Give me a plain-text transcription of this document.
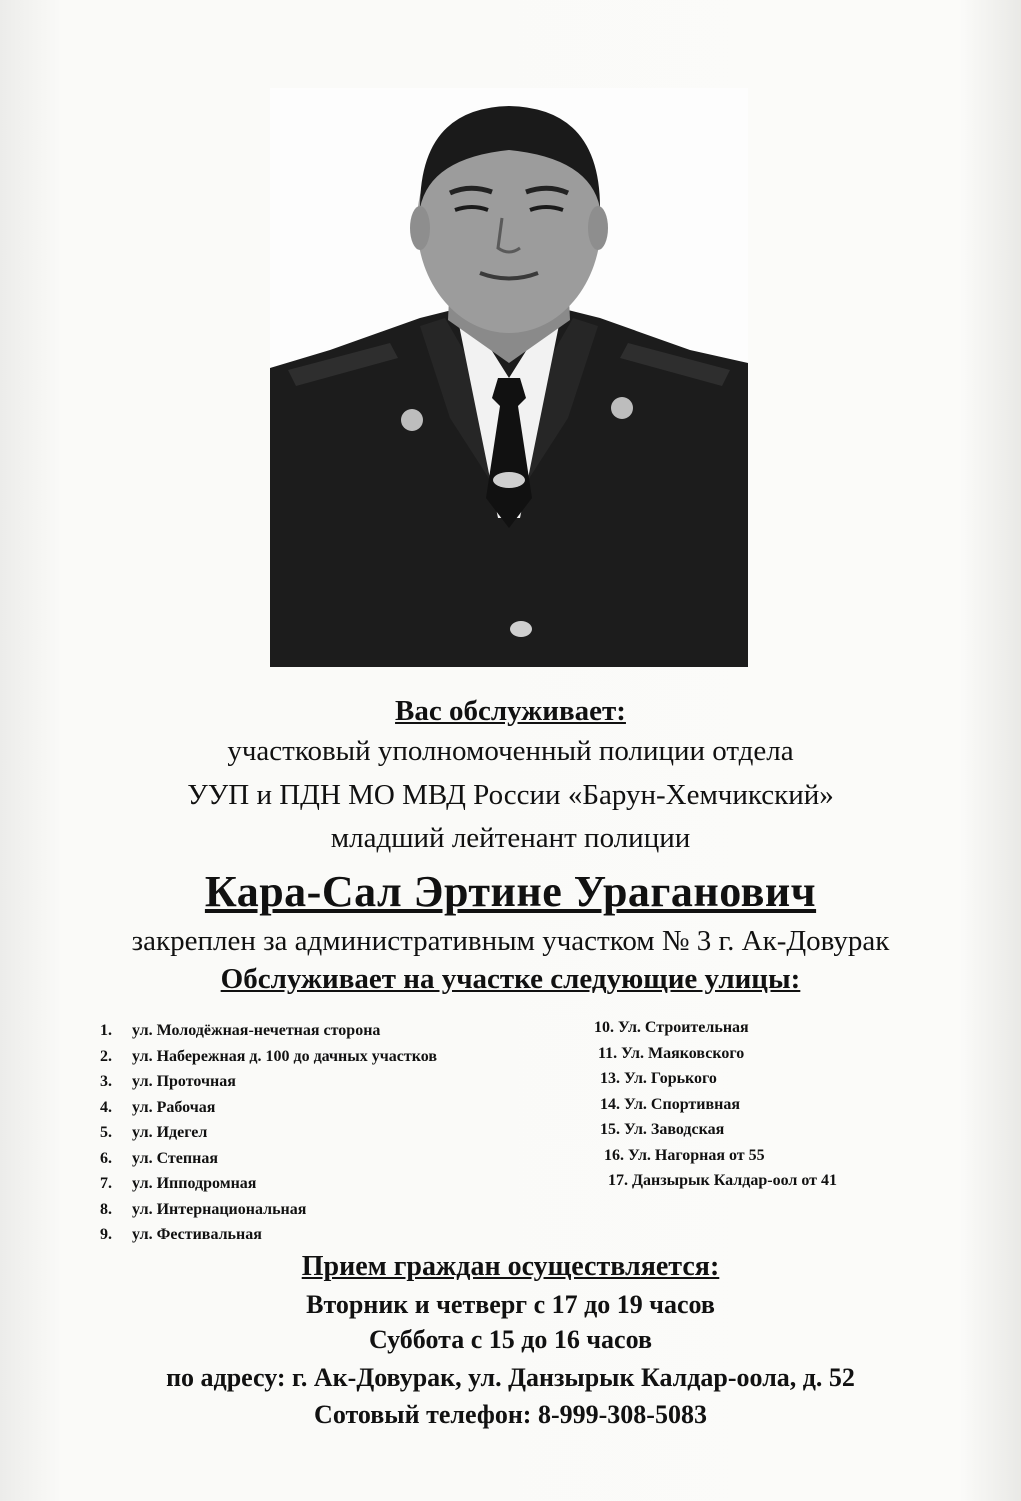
Вас обслуживает:
участковый уполномоченный полиции отдела
УУП и ПДН МО МВД России «Барун-Хемчикский»
младший лейтенант полиции
Кара-Сал Эртине Ураганович
закреплен за административным участком № 3 г. Ак-Довурак
Обслуживает на участке следующие улицы:
1. ул. Молодёжная-нечетная сторона
2. ул. Набережная д. 100 до дачных участков
3. ул. Проточная
4. ул. Рабочая
5. ул. Идегел
6. ул. Степная
7. ул. Ипподромная
8. ул. Интернациональная
9. ул. Фестивальная
10. Ул. Строительная
11. Ул. Маяковского
13. Ул. Горького
14. Ул. Спортивная
15. Ул. Заводская
16. Ул. Нагорная от 55
17. Данзырык Калдар-оол от 41
Прием граждан осуществляется:
Вторник и четверг с 17 до 19 часов
Суббота с 15 до 16 часов
по адресу: г. Ак-Довурак, ул. Данзырык Калдар-оола, д. 52
Сотовый телефон: 8-999-308-5083
